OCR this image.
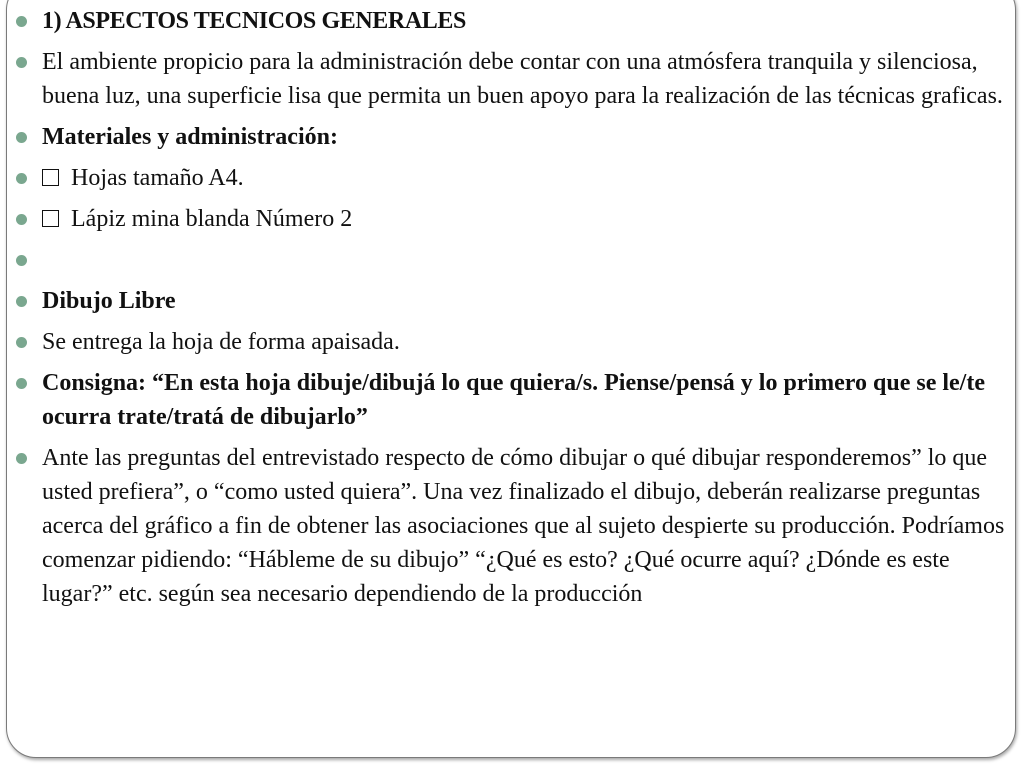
1) ASPECTOS TECNICOS GENERALES
El ambiente propicio para la administración debe contar con una atmósfera tranquila y silenciosa, buena luz, una superficie lisa que permita un buen apoyo para la realización de las técnicas graficas.
Materiales y administración:
Hojas tamaño A4.
Lápiz mina blanda Número 2
Dibujo Libre
Se entrega la hoja de forma apaisada.
Consigna: “En esta hoja dibuje/dibujá lo que quiera/s. Piense/pensá y lo primero que se le/te ocurra trate/tratá de dibujarlo”
Ante las preguntas del entrevistado respecto de cómo dibujar o qué dibujar responderemos” lo que usted prefiera”, o “como usted quiera”. Una vez finalizado el dibujo, deberán realizarse preguntas acerca del gráfico a fin de obtener las asociaciones que al sujeto despierte su producción. Podríamos comenzar pidiendo: “Hábleme de su dibujo” “¿Qué es esto? ¿Qué ocurre aquí? ¿Dónde es este lugar?” etc. según sea necesario dependiendo de la producción
